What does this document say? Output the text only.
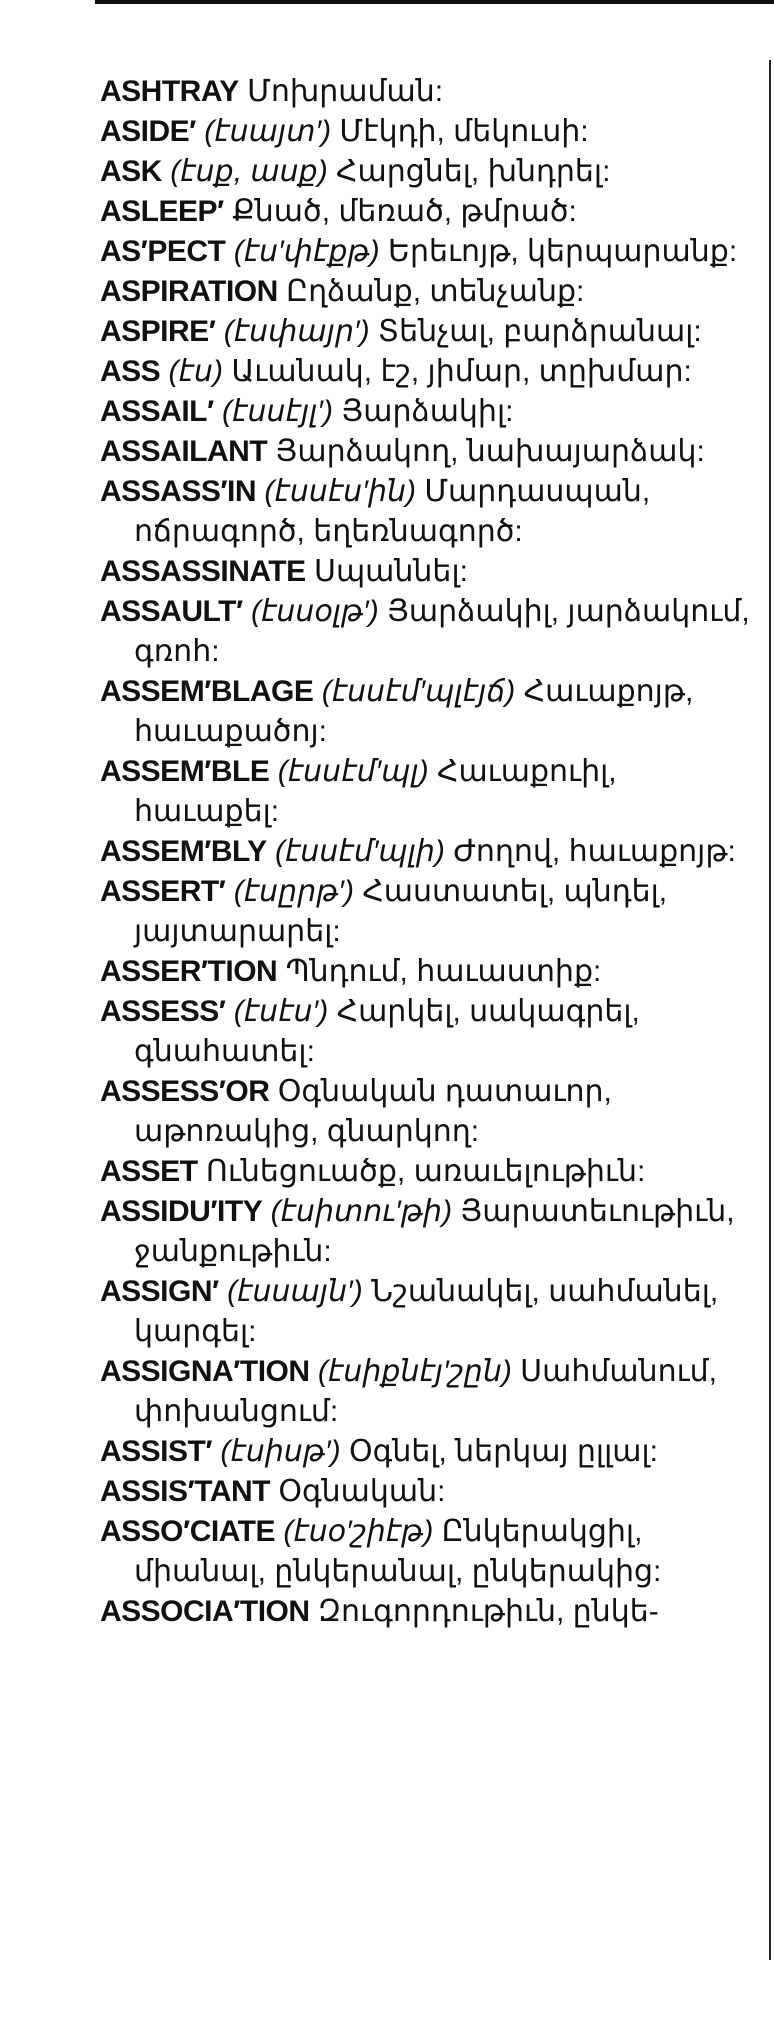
ASHTRAY Մոխրաման:

ASIDE′ (էսայտ′) Մէկդի, մեկուսի:

ASK (էսք, ասք) Հարցնել, խնդրել:

ASLEEP′ Քնած, մեռած, թմրած:

AS′PECT (էս′փէքթ) Երեւոյթ, կերպարանք:

ASPIRATION Ըղձանք, տենչանք:

ASPIRE′ (էսփայր′) Տենչալ, բարձրանալ:

ASS (էս) Աւանակ, էշ, յիմար, տըխմար:

ASSAIL′ (էսսէյլ′) Յարձակիլ:

ASSAILANT Յարձակող, նախայարձակ:

ASSASS′IN (էսսէս′ին) Մարդասպան, ոճրագործ, եղեռնագործ:

ASSASSINATE Սպաննել:

ASSAULT′ (էսսօլթ′) Յարձակիլ, յարձակում, գռոհ:

ASSEM′BLAGE (էսսէմ′պլէյճ) Հաւաքոյթ, հաւաքածոյ:

ASSEM′BLE (էսսէմ′պլ) Հաւաքուիլ, հաւաքել:

ASSEM′BLY (էսսէմ′պլի) Ժողով, հաւաքոյթ:

ASSERT′ (էսըրթ′) Հաստատել, պնդել, յայտարարել:

ASSER′TION Պնդում, հաւաստիք:

ASSESS′ (էսէս′) Հարկել, սակագրել, գնահատել:

ASSESS′OR Օգնական դատաւոր, աթոռակից, գնարկող:

ASSET Ունեցուածք, առաւելութիւն:

ASSIDU′ITY (էսիտու′թի) Յարատեւութիւն, ջանքութիւն:

ASSIGN′ (էսսայն′) Նշանակել, սահմանել, կարգել:

ASSIGNA′TION (էսիքնէյ′շըն) Սահմանում, փոխանցում:

ASSIST′ (էսիսթ′) Օգնել, ներկայ ըլլալ:

ASSIS′TANT Օգնական:

ASSO′CIATE (էսօ′շիէթ) Ընկերակցիլ, միանալ, ընկերանալ, ընկերակից:

ASSOCIA′TION Զուգորդութիւն, ընկե-
